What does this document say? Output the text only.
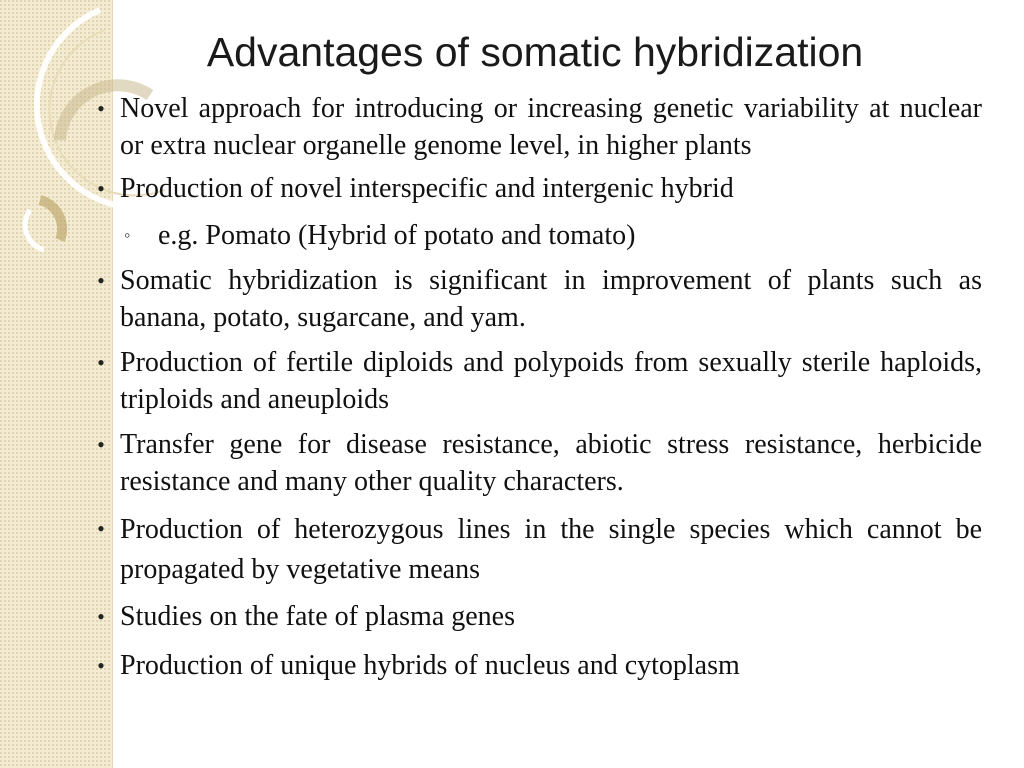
Advantages of somatic hybridization
• Novel approach for introducing or increasing genetic variability at nuclear or extra nuclear organelle genome level, in higher plants
• Production of novel interspecific and intergenic hybrid
◦ e.g. Pomato (Hybrid of potato and tomato)
• Somatic hybridization is significant in improvement of plants such as banana, potato, sugarcane, and yam.
• Production of fertile diploids and polypoids from sexually sterile haploids, triploids and aneuploids
• Transfer gene for disease resistance, abiotic stress resistance, herbicide resistance and many other quality characters.
• Production of heterozygous lines in the single species which cannot be propagated by vegetative means
• Studies on the fate of plasma genes
• Production of unique hybrids of nucleus and cytoplasm
